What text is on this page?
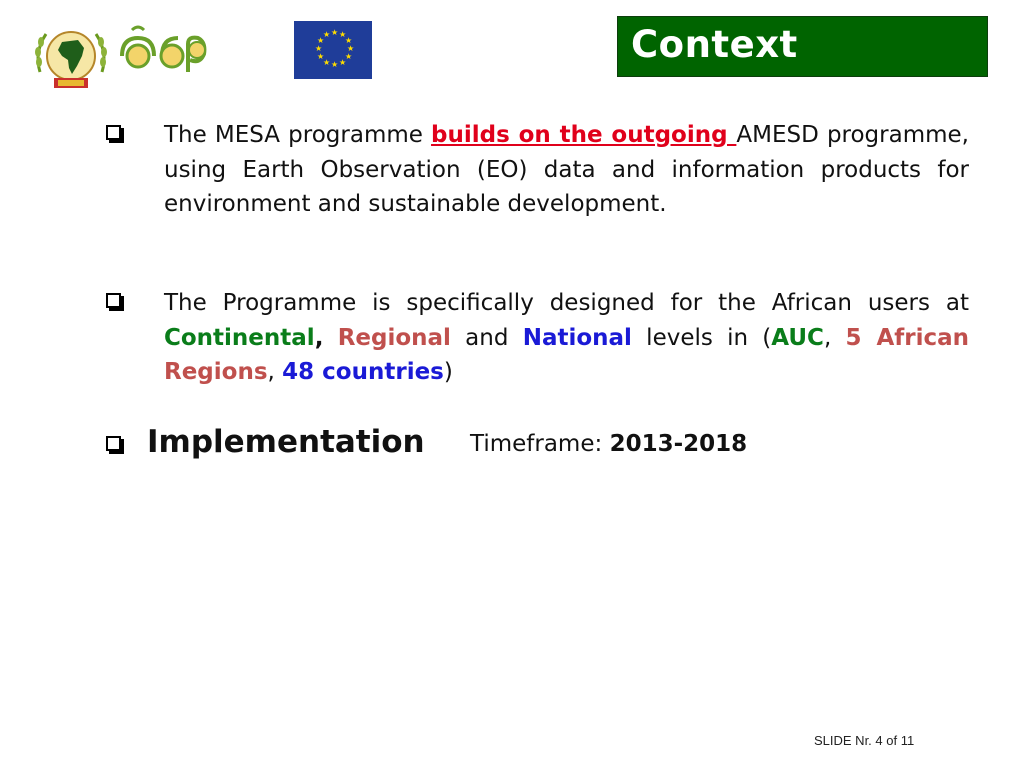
★ ★
★
★
★
★
★
★
★
★
★
★	Context
The MESA programme builds on the outgoing AMESD programme, using Earth Observation (EO) data and information products for environment and sustainable development.
The Programme is specifically designed for the African users at Continental, Regional and National levels in (AUC, 5 African Regions, 48 countries)
Implementation Timeframe: 2013-2018
SLIDE Nr. 4 of 11
